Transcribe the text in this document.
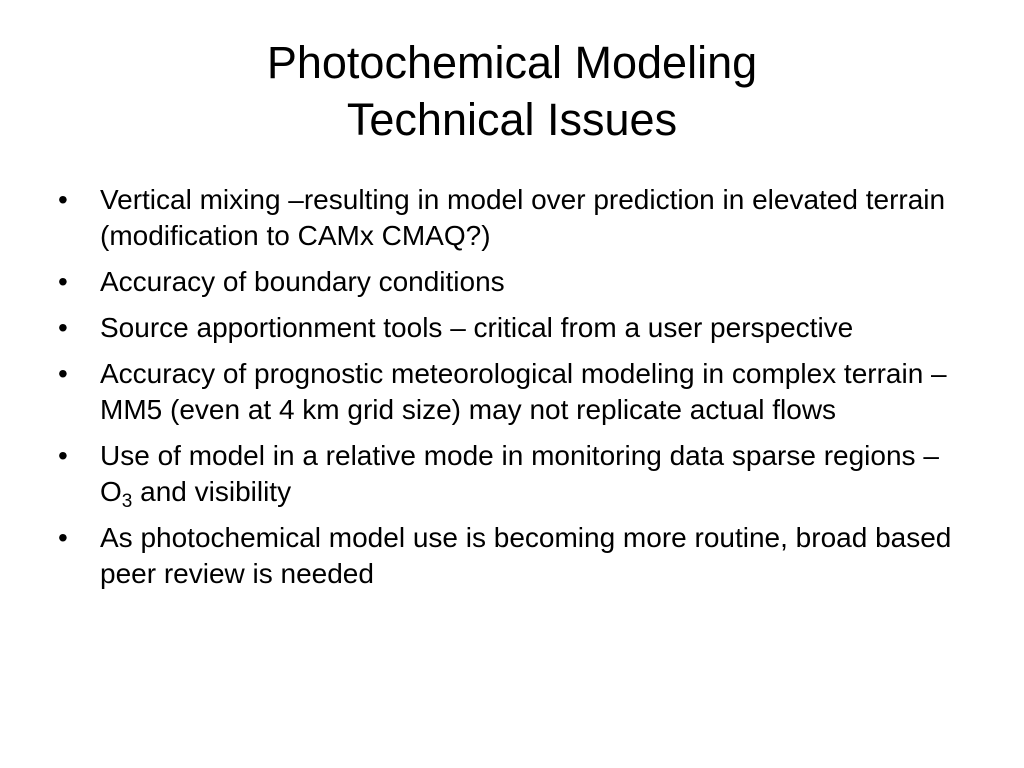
Photochemical Modeling
Technical Issues
•	Vertical mixing –resulting in model over prediction in elevated terrain (modification to CAMx CMAQ?)
•	Accuracy of boundary conditions
•	Source apportionment tools – critical from a user perspective
•	Accuracy of prognostic meteorological modeling in complex terrain – MM5 (even at 4 km grid size) may not replicate actual flows
•	Use of model in a relative mode in monitoring data sparse regions – $O_3$ and visibility
•	As photochemical model use is becoming more routine, broad based peer review is needed
